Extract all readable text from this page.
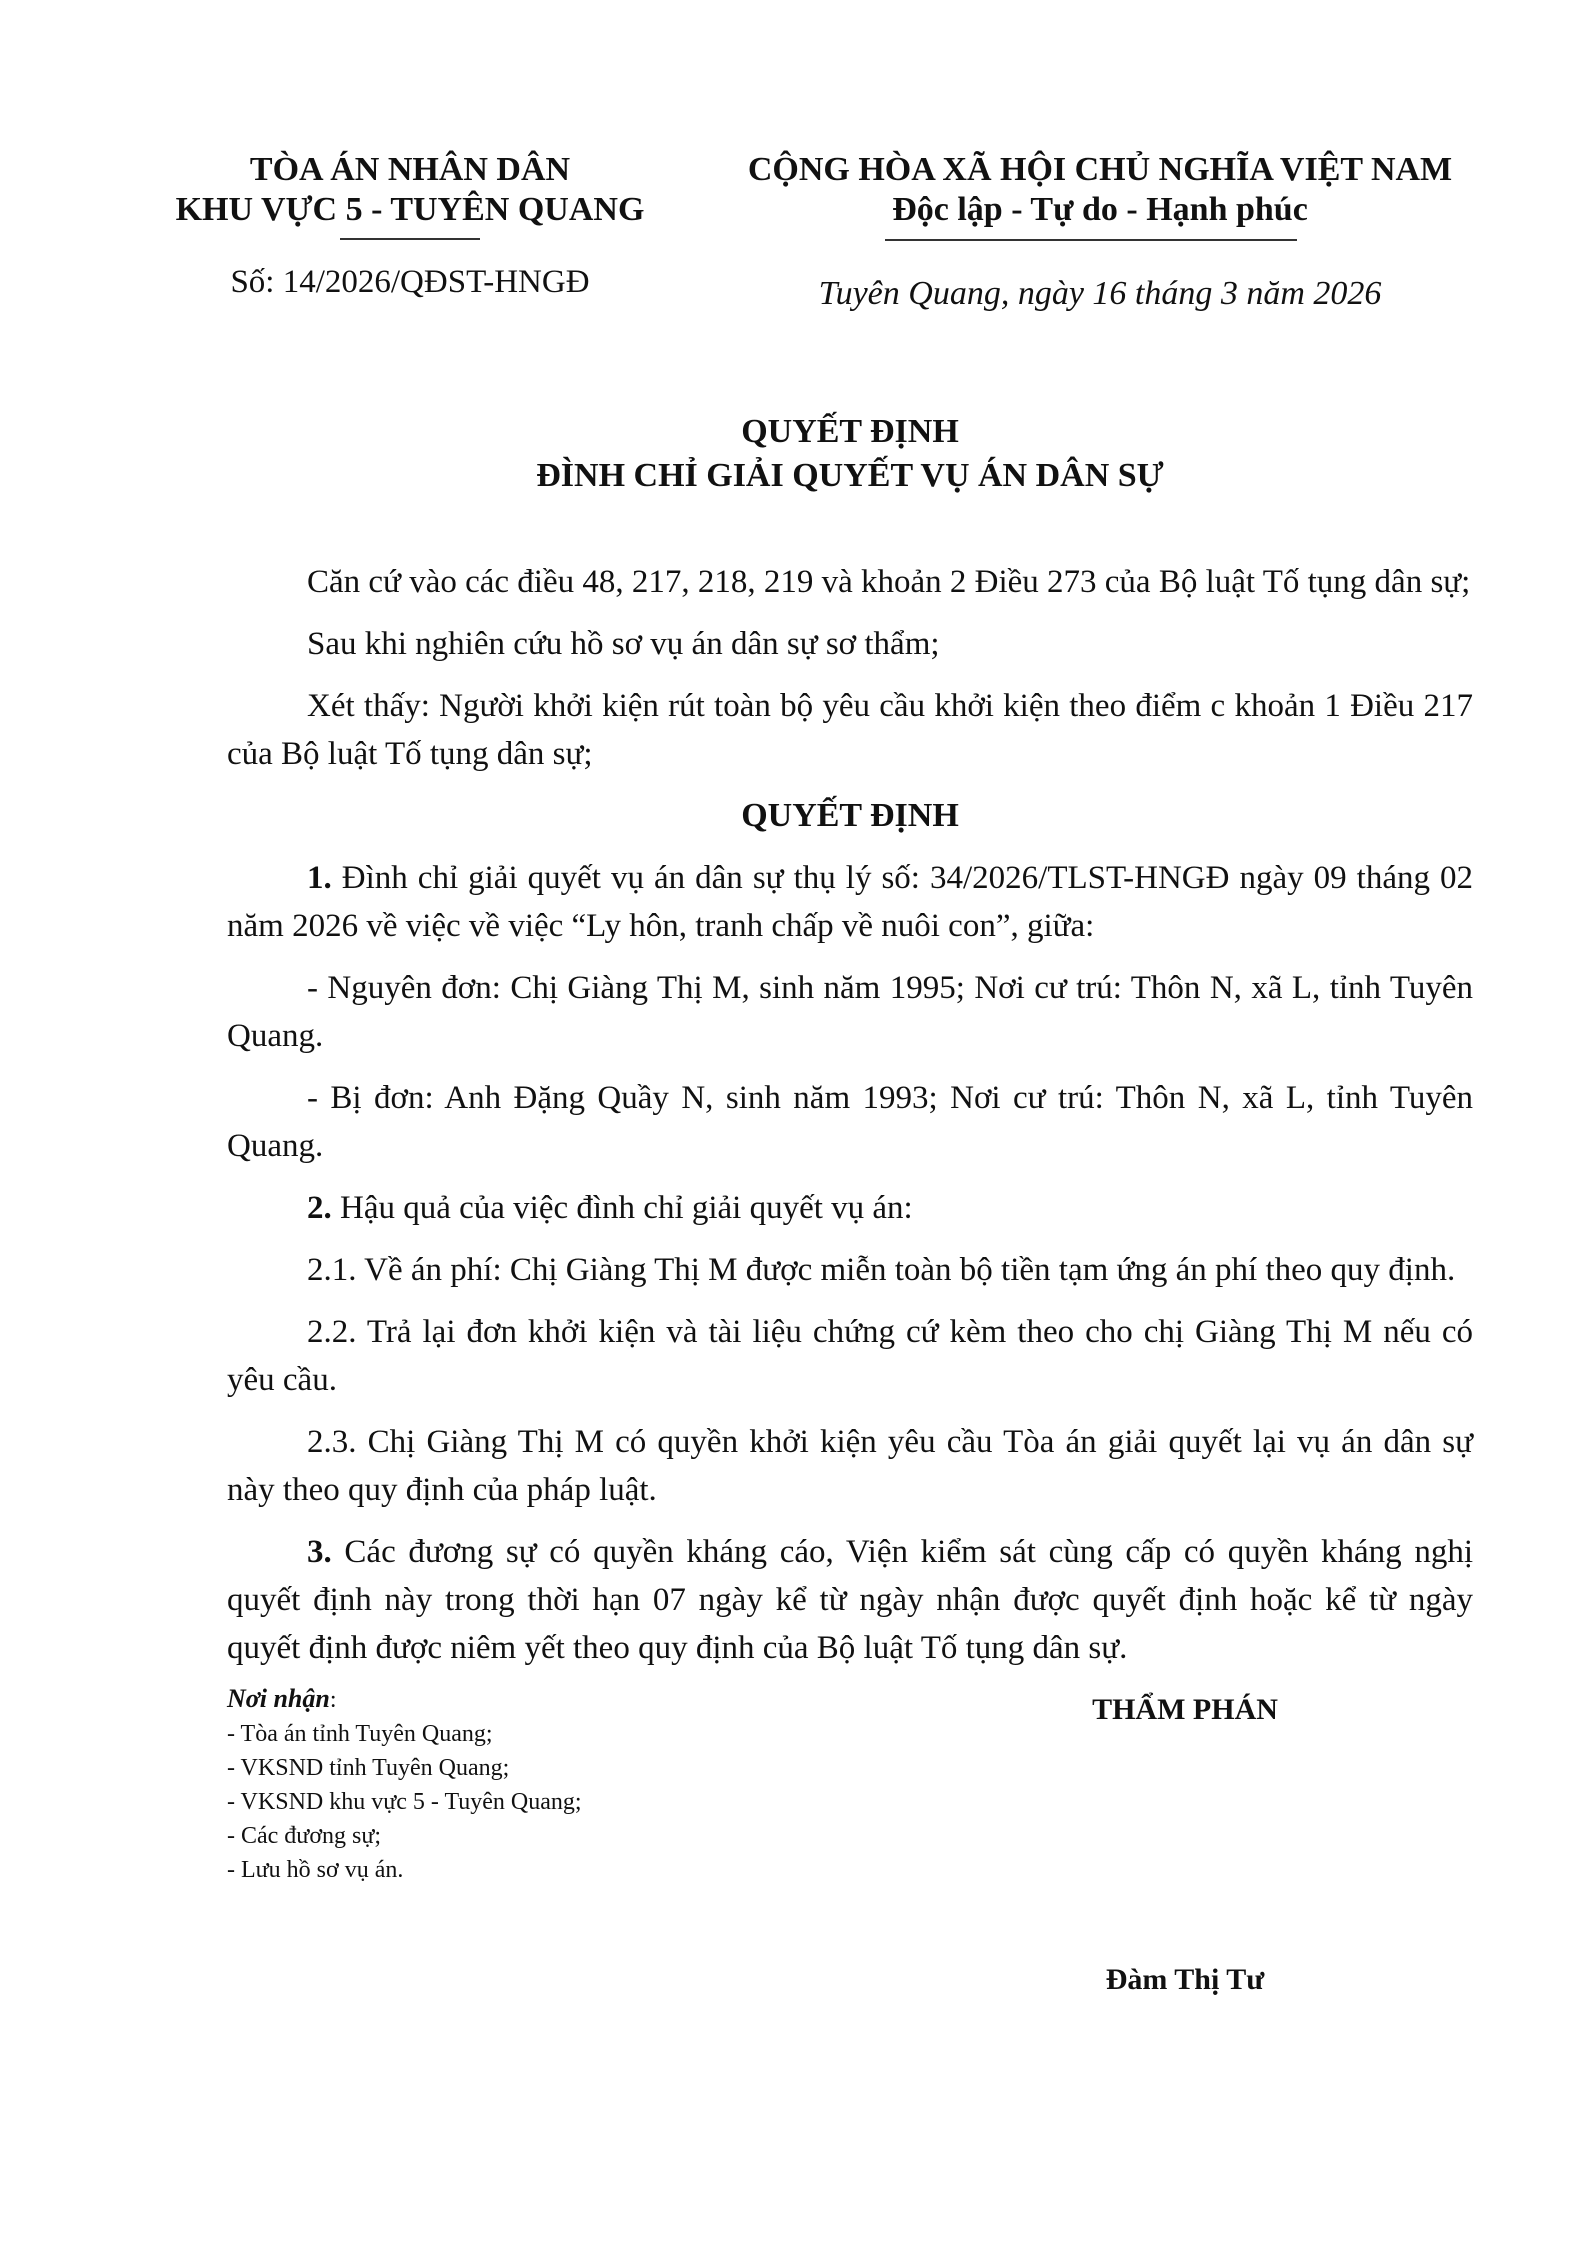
TÒA ÁN NHÂN DÂN
KHU VỰC 5 - TUYÊN QUANG
Số: 14/2026/QĐST-HNGĐ
CỘNG HÒA XÃ HỘI CHỦ NGHĨA VIỆT NAM
Độc lập - Tự do - Hạnh phúc
Tuyên Quang, ngày 16 tháng 3 năm 2026
QUYẾT ĐỊNH
ĐÌNH CHỈ GIẢI QUYẾT VỤ ÁN DÂN SỰ

Căn cứ vào các điều 48, 217, 218, 219 và khoản 2 Điều 273 của Bộ luật Tố tụng dân sự;

Sau khi nghiên cứu hồ sơ vụ án dân sự sơ thẩm;

Xét thấy: Người khởi kiện rút toàn bộ yêu cầu khởi kiện theo điểm c khoản 1 Điều 217 của Bộ luật Tố tụng dân sự;

QUYẾT ĐỊNH

1. Đình chỉ giải quyết vụ án dân sự thụ lý số: 34/2026/TLST-HNGĐ ngày 09 tháng 02 năm 2026 về việc về việc “Ly hôn, tranh chấp về nuôi con”, giữa:

- Nguyên đơn: Chị Giàng Thị M, sinh năm 1995; Nơi cư trú: Thôn N, xã L, tỉnh Tuyên Quang.

- Bị đơn: Anh Đặng Quầy N, sinh năm 1993; Nơi cư trú: Thôn N, xã L, tỉnh Tuyên Quang.

2. Hậu quả của việc đình chỉ giải quyết vụ án:

2.1. Về án phí: Chị Giàng Thị M được miễn toàn bộ tiền tạm ứng án phí theo quy định.

2.2. Trả lại đơn khởi kiện và tài liệu chứng cứ kèm theo cho chị Giàng Thị M nếu có yêu cầu.

2.3. Chị Giàng Thị M có quyền khởi kiện yêu cầu Tòa án giải quyết lại vụ án dân sự này theo quy định của pháp luật.

3. Các đương sự có quyền kháng cáo, Viện kiểm sát cùng cấp có quyền kháng nghị quyết định này trong thời hạn 07 ngày kể từ ngày nhận được quyết định hoặc kể từ ngày quyết định được niêm yết theo quy định của Bộ luật Tố tụng dân sự.

Nơi nhận:
- Tòa án tỉnh Tuyên Quang;
- VKSND tỉnh Tuyên Quang;
- VKSND khu vực 5 - Tuyên Quang;
- Các đương sự;
- Lưu hồ sơ vụ án.
THẨM PHÁN
Đàm Thị Tư
